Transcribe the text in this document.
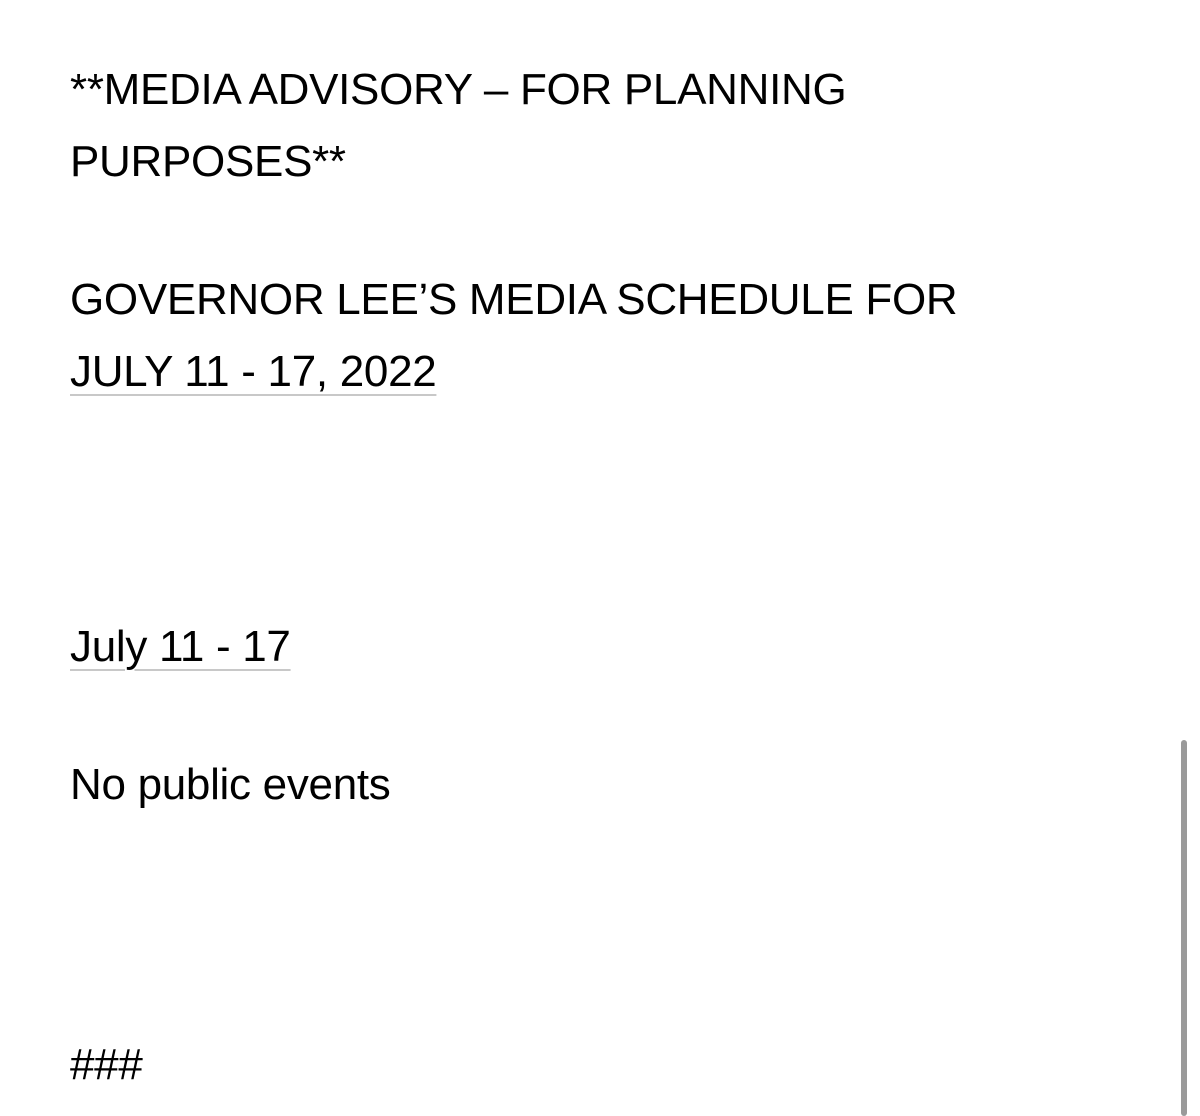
**MEDIA ADVISORY – FOR PLANNING

PURPOSES**

GOVERNOR LEE’S MEDIA SCHEDULE FOR

JULY 11 - 17, 2022

July 11 - 17

No public events

###
